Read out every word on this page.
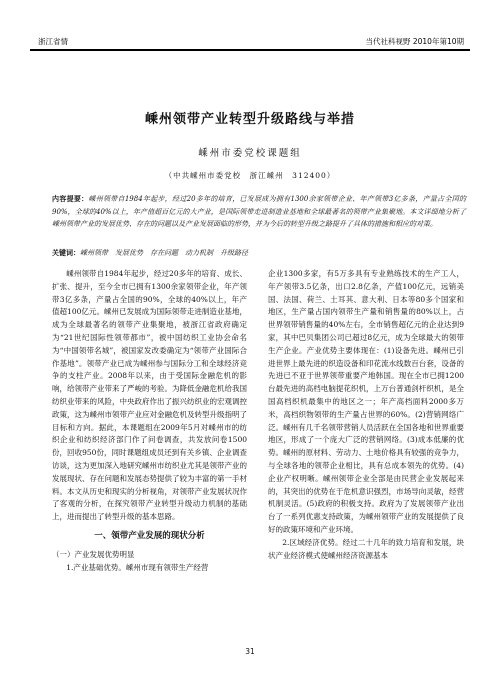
浙江省情	当代社科视野 2010年第10期
嵊州领带产业转型升级路线与举措
嵊州市委党校课题组
（中共嵊州市委党校　浙江嵊州　312400）
内容提要：嵊州领带自1984年起步，经过20多年的培育，已发展成为拥有1300余家领带企业、年产领带3亿多条，产量占全国的90%，全球的40%以上，年产值超百亿元的大产业，是国际领带走进制造业基地和全球最著名的领带产业集聚地。本文详细地分析了嵊州领带产业的发展优势、存在的问题以及产业发展面临的形势，并为今后的转型升级之路提升了具体的措施和相应的对策。
关键词：嵊州领带　发展优势　存在问题　动力机制　升级路径

嵊州领带自1984年起步，经过20多年的培育、成长、扩张、提升，至今全市已拥有1300余家领带企业，年产领带3亿多条，产量占全国的90%，全球的40%以上，年产值超100亿元。嵊州已发展成为国际领带走进制造业基地，成为全球最著名的领带产业集聚地，被浙江省政府确定为“21世纪国际性领带都市”，被中国纺织工业协会命名为“中国领带名城”，被国家发改委确定为“领带产业国际合作基地”。领带产业已成为嵊州参与国际分工和全球经济竞争的支柱产业。2008年以来，由于受国际金融危机的影响，给领带产业带来了严峻的考验。为降低金融危机给我国纺织业带来的风险，中央政府作出了振兴纺织业的宏观调控政策，这为嵊州市领带产业应对金融危机及转型升级指明了目标和方向。据此，本课题组在2009年5月对嵊州市的纺织企业和纺织经济部门作了问卷调查，共发放问卷1500份，回收950份，同时课题组成员还到有关乡镇、企业调查访谈，这为更加深入地研究嵊州市纺织业尤其是领带产业的发展现状、存在问题和发展态势提供了较为丰富的第一手材料。本文从历史和现实的分析视角，对领带产业发展状况作了客观的分析，在探究领带产业转型升级动力机制的基础上，进而提出了转型升级的基本思路。

一、领带产业发展的现状分析

（一）产业发展优势明显

1.产业基础优势。嵊州市现有领带生产经营

企业1300多家，有5万多具有专业熟练技术的生产工人，年产领带3.5亿条，出口2.8亿条，产值100亿元，远销美国、法国、荷兰、土耳其、意大利、日本等80多个国家和地区，生产量占国内领带生产量和销售量的80%以上，占世界领带销售量的40%左右，全市销售超亿元的企业达到9家，其中巴贝集团公司已超过8亿元，成为全球最大的领带生产企业。产业优势主要体现在：(1)设备先进。嵊州已引进世界上最先进的织造设备和印花流水线数百台套，设备的先进已不亚于世界领带重要产地韩国。现在全市已拥1200台最先进的高档电脑提花织机，上万台普通剑杆织机，是全国高档织机最集中的地区之一；年产高档面料2000多万米，高档织物领带的生产量占世界的60%。(2)营销网络广泛。嵊州有几千名领带营销人员活跃在全国各地和世界重要地区，形成了一个庞大广泛的营销网络。(3)成本低廉的优势。嵊州的原材料、劳动力、土地价格具有较强的竞争力，与全球各地的领带企业相比，具有总成本领先的优势。(4)企业产权明晰。嵊州领带企业全部是由民营企业发展起来的，其突出的优势在于危机意识强烈，市场导向灵敏，经营机制灵活。(5)政府的积极支持。政府为了发展领带产业出台了一系列优惠支持政策，为嵊州领带产业的发展提供了良好的政策环境和产业环境。

2.区域经济优势。经过二十几年的致力培育和发展，块状产业经济模式使嵊州经济资源基本

31
